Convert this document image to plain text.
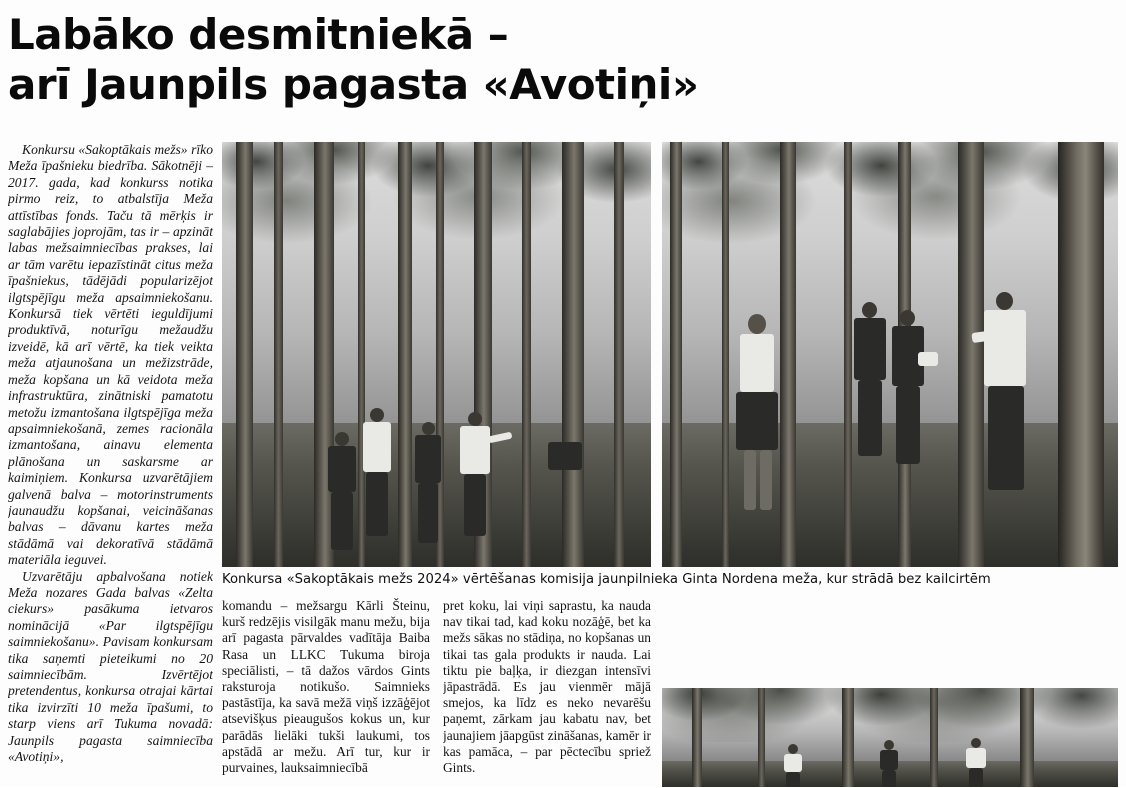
Labāko desmitniekā –
arī Jaunpils pagasta «Avotiņi»

Konkursu «Sakoptākais mežs» rīko Meža īpašnieku biedrība. Sākotnēji – 2017. gada, kad konkurss notika pirmo reiz, to atbalstīja Meža attīstības fonds. Taču tā mērķis ir saglabājies joprojām, tas ir – apzināt labas mežsaimniecības prakses, lai ar tām varētu iepazīstināt citus meža īpašniekus, tādējādi popularizējot ilgtspējīgu meža apsaimniekošanu. Konkursā tiek vērtēti ieguldījumi produktīvā, noturīgu mežaudžu izveidē, kā arī vērtē, ka tiek veikta meža atjaunošana un mežizstrāde, meža kopšana un kā veidota meža infrastruktūra, zinātniski pamatotu metožu izmantošana ilgtspējīga meža apsaimniekošanā, zemes racionāla izmantošana, ainavu elementa plānošana un saskarsme ar kaimiņiem. Konkursa uzvarētājiem galvenā balva – motorinstruments jaunaudžu kopšanai, veicināšanas balvas – dāvanu kartes meža stādāmā vai dekoratīvā stādāmā materiāla ieguvei.

Uzvarētāju apbalvošana notiek Meža nozares Gada balvas «Zelta ciekurs» pasākuma ietvaros nominācijā «Par ilgtspējīgu saimniekošanu». Pavisam konkursam tika saņemti pieteikumi no 20 saimniecībām. Izvērtējot pretendentus, konkursa otrajai kārtai tika izvirzīti 10 meža īpašumi, to starp viens arī Tukuma novadā: Jaunpils pagasta saimniecība «Avotiņi»,

Konkursa «Sakoptākais mežs 2024» vērtēšanas komisija jaunpilnieka Ginta Nordena meža, kur strādā bez kailcirtēm

komandu – mežsargu Kārli Šteinu, kurš redzējis visilgāk manu mežu, bija arī pagasta pārvaldes vadītāja Baiba Rasa un LLKC Tukuma biroja speciālisti, – tā dažos vārdos Gints raksturoja notikušo. Saimnieks pastāstīja, ka savā mežā viņš izzāģējot atsevišķus pieaugušos kokus un, kur parādās lielāki tukši laukumi, tos apstādā ar mežu. Arī tur, kur ir purvaines, lauksaimniecībā

pret koku, lai viņi saprastu, ka nauda nav tikai tad, kad koku nozāģē, bet ka mežs sākas no stādiņa, no kopšanas un tikai tas gala produkts ir nauda. Lai tiktu pie baļķa, ir diezgan intensīvi jāpastrādā. Es jau vienmēr mājā smejos, ka līdz es neko nevarēšu paņemt, zārkam jau kabatu nav, bet jaunajiem jāapgūst zināšanas, kamēr ir kas pamāca, – par pēctecību spriež Gints.
